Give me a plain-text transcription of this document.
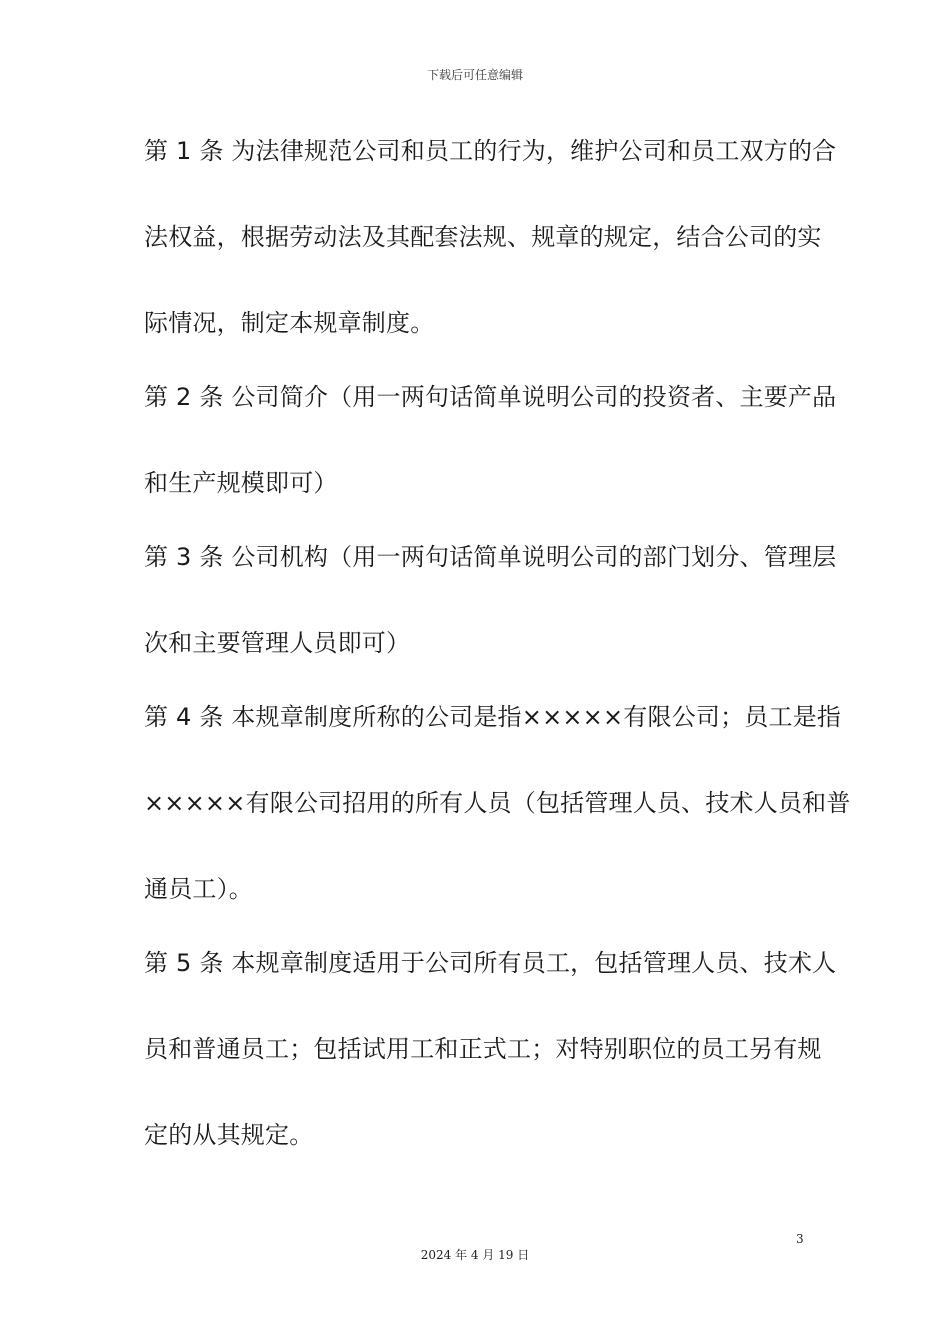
下载后可任意编辑
第 1 条 为法律规范公司和员工的行为，维护公司和员工双方的合
法权益，根据劳动法及其配套法规、规章的规定，结合公司的实
际情况，制定本规章制度。
第 2 条 公司简介（用一两句话简单说明公司的投资者、主要产品
和生产规模即可）
第 3 条 公司机构（用一两句话简单说明公司的部门划分、管理层
次和主要管理人员即可）
第 4 条 本规章制度所称的公司是指×××××有限公司；员工是指
×××××有限公司招用的所有人员（包括管理人员、技术人员和普
通员工）。
第 5 条 本规章制度适用于公司所有员工，包括管理人员、技术人
员和普通员工；包括试用工和正式工；对特别职位的员工另有规
定的从其规定。
3
2024 年 4 月 19 日
